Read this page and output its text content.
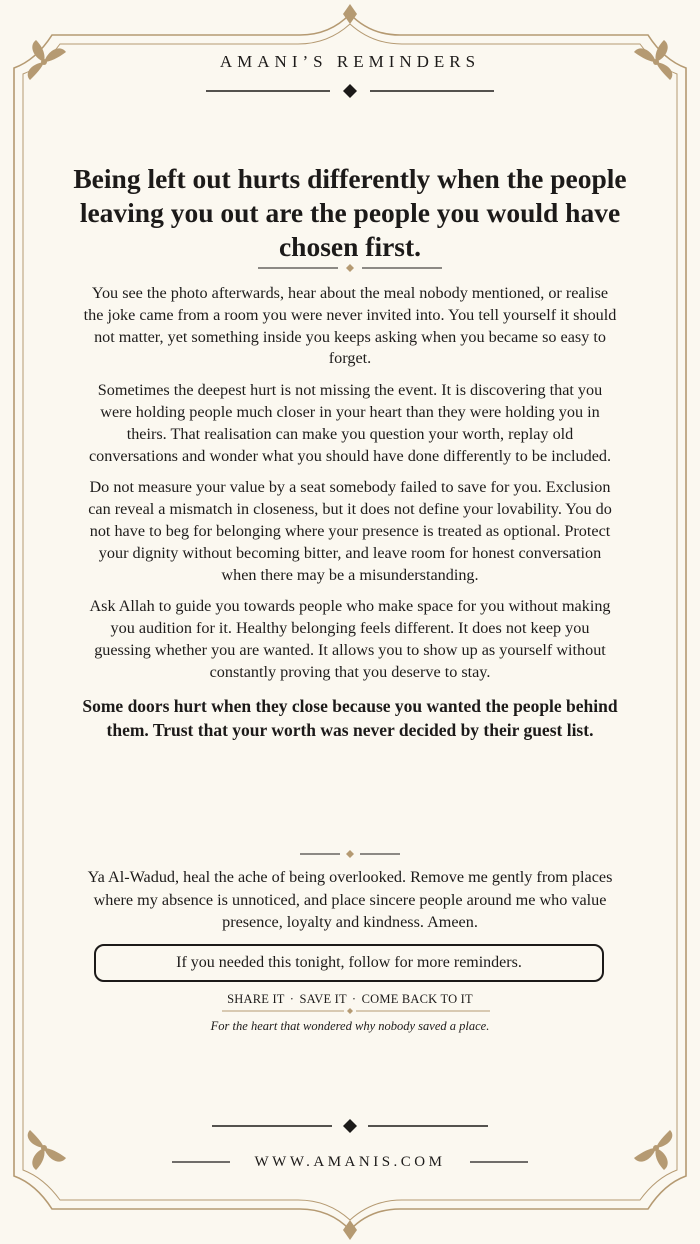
AMANI’S REMINDERS
Being left out hurts differently when the people leaving you out are the people you would have chosen first.

You see the photo afterwards, hear about the meal nobody mentioned, or realise the joke came from a room you were never invited into. You tell yourself it should not matter, yet something inside you keeps asking when you became so easy to forget.

Sometimes the deepest hurt is not missing the event. It is discovering that you were holding people much closer in your heart than they were holding you in theirs. That realisation can make you question your worth, replay old conversations and wonder what you should have done differently to be included.

Do not measure your value by a seat somebody failed to save for you. Exclusion can reveal a mismatch in closeness, but it does not define your lovability. You do not have to beg for belonging where your presence is treated as optional. Protect your dignity without becoming bitter, and leave room for honest conversation when there may be a misunderstanding.

Ask Allah to guide you towards people who make space for you without making you audition for it. Healthy belonging feels different. It does not keep you guessing whether you are wanted. It allows you to show up as yourself without constantly proving that you deserve to stay.

Some doors hurt when they close because you wanted the people behind them. Trust that your worth was never decided by their guest list.

Ya Al-Wadud, heal the ache of being overlooked. Remove me gently from places where my absence is unnoticed, and place sincere people around me who value presence, loyalty and kindness. Ameen.

If you needed this tonight, follow for more reminders.
SHARE IT · SAVE IT · COME BACK TO IT
For the heart that wondered why nobody saved a place.
WWW.AMANIS.COM
